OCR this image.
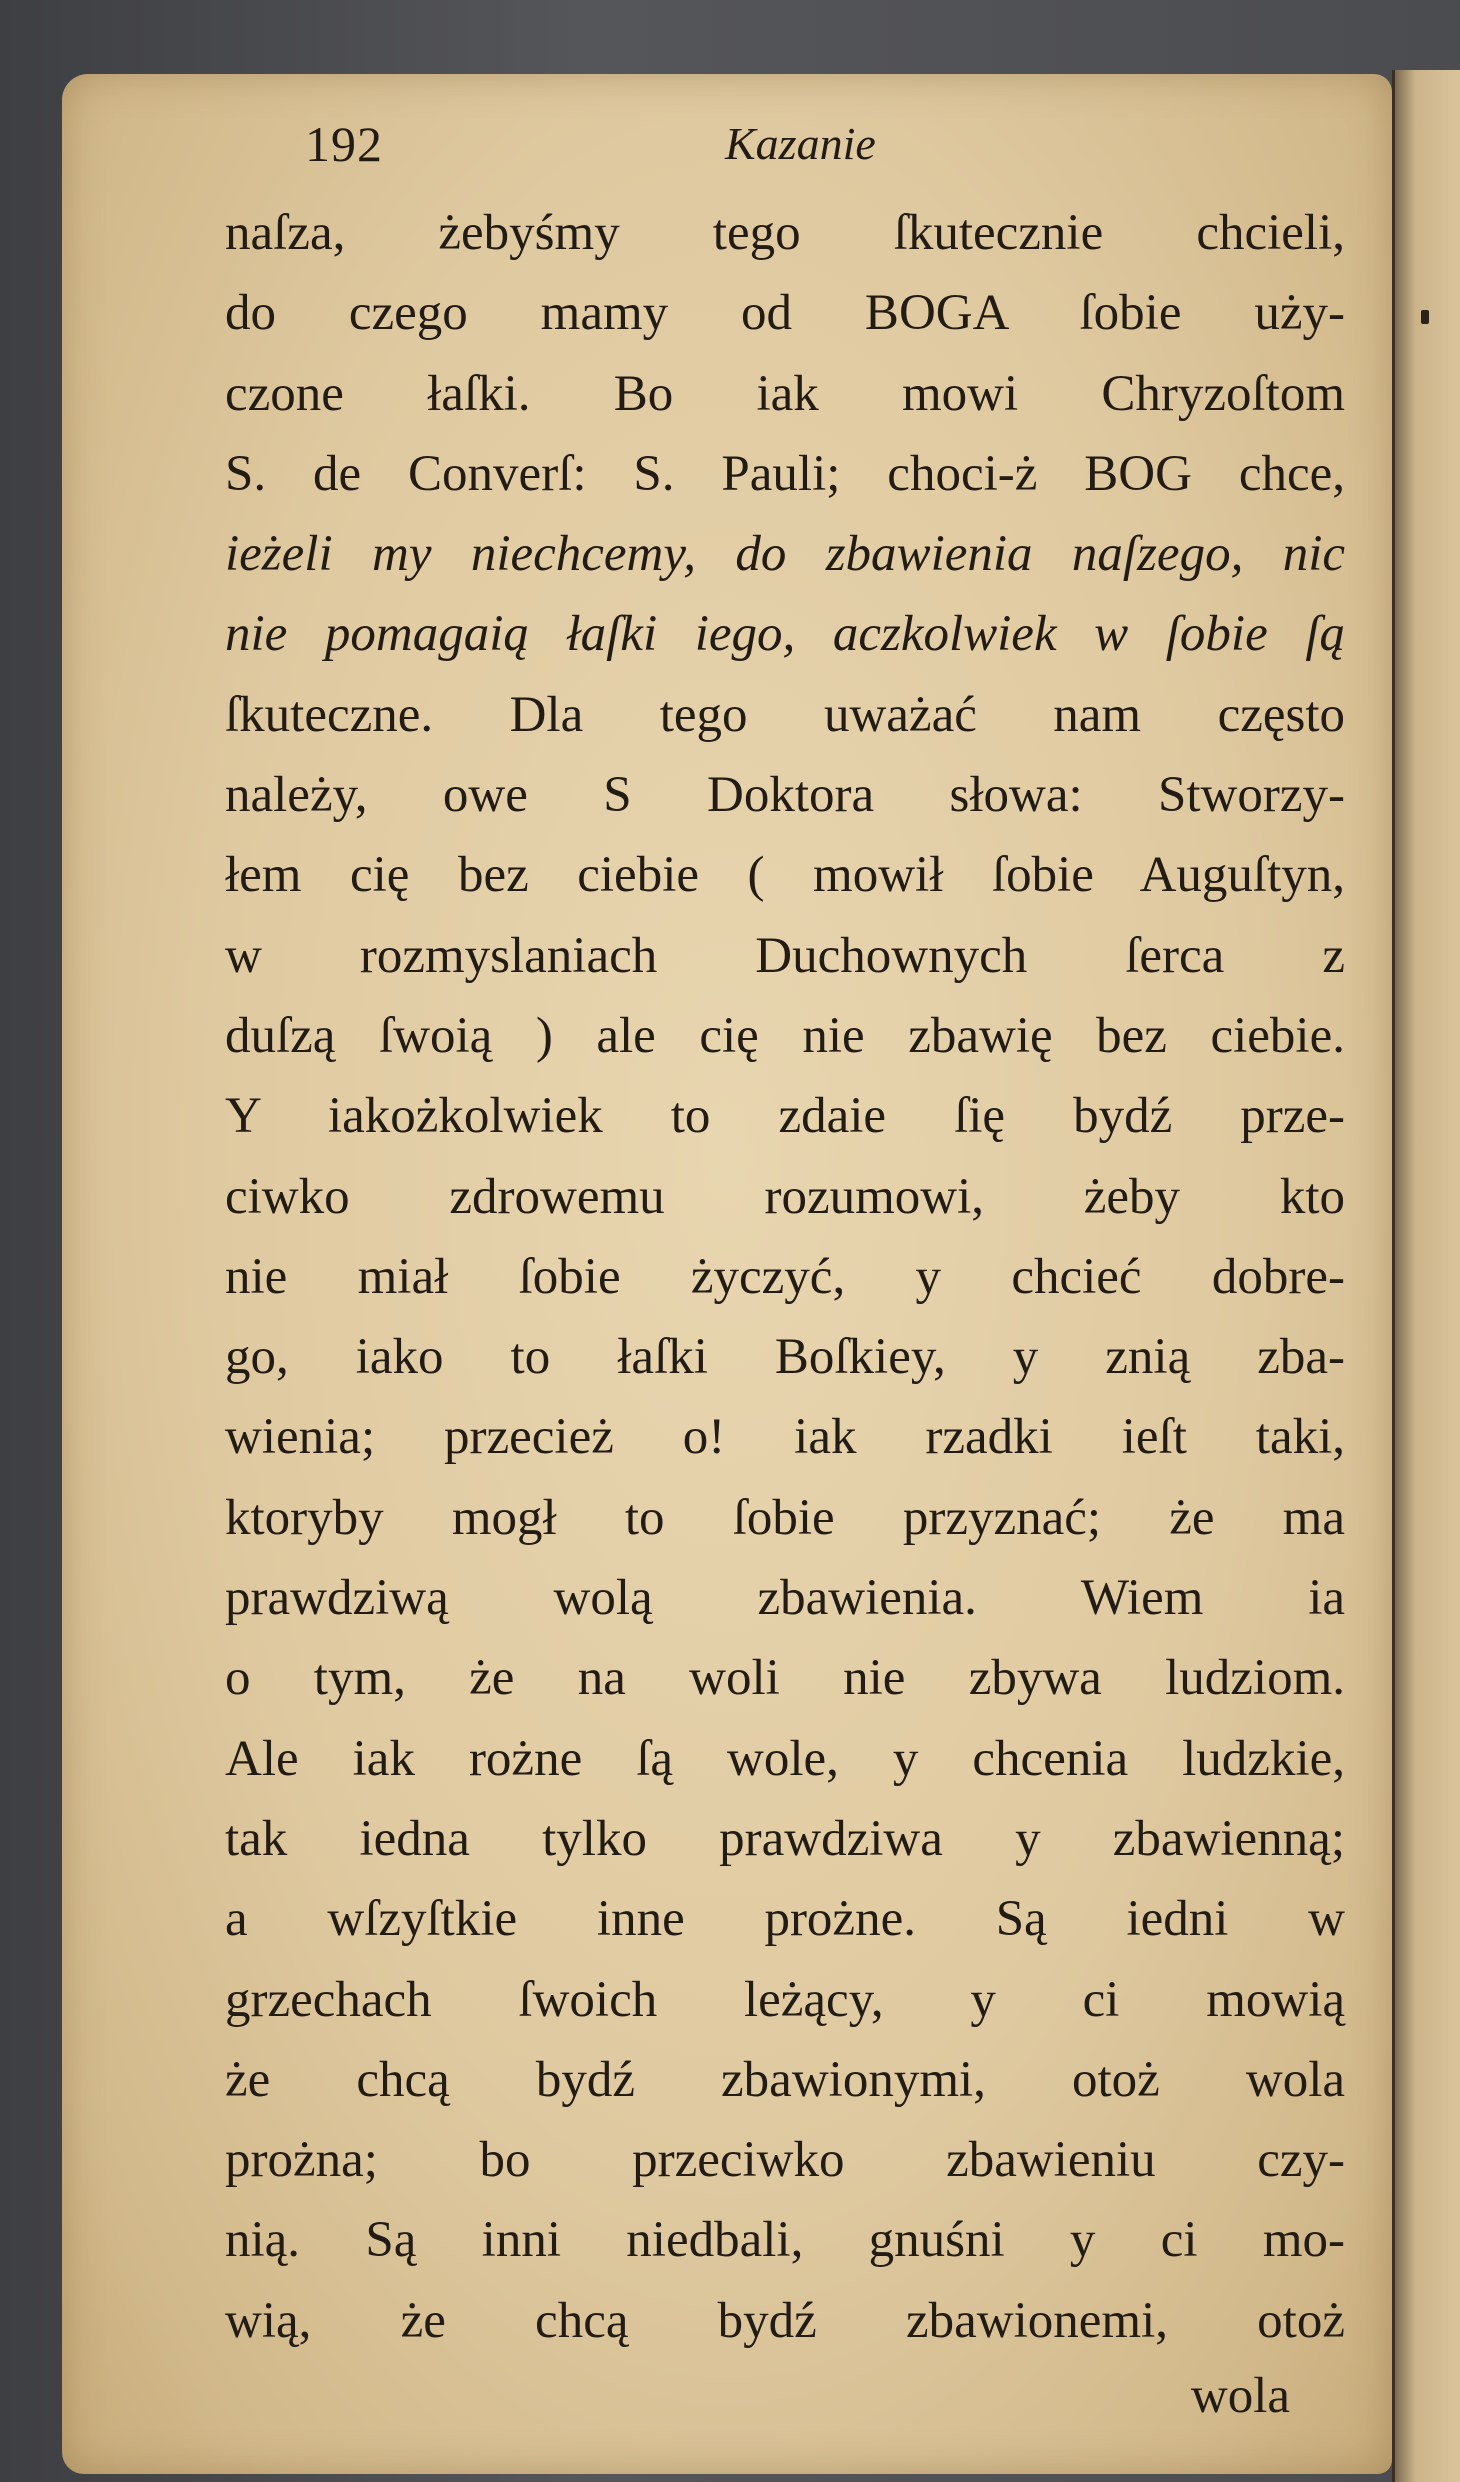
192	Kazanie
naſza, żebyśmy tego ſkutecznie chcieli,
do czego mamy od BOGA ſobie uży-
czone łaſki. Bo iak mowi Chryzoſtom
S. de Converſ: S. Pauli; choci-ż BOG chce,
ieżeli my niechcemy, do zbawienia naſzego, nic
nie pomagaią łaſki iego, aczkolwiek w ſobie ſą
ſkuteczne. Dla tego uważać nam często
należy, owe S Doktora słowa: Stworzy-
łem cię bez ciebie ( mowił ſobie Auguſtyn,
w rozmyslaniach Duchownych ſerca z
duſzą ſwoią ) ale cię nie zbawię bez ciebie.
Y iakożkolwiek to zdaie ſię bydź prze-
ciwko zdrowemu rozumowi, żeby kto
nie miał ſobie życzyć, y chcieć dobre-
go, iako to łaſki Boſkiey, y znią zba-
wienia; przecież o! iak rzadki ieſt taki,
ktoryby mogł to ſobie przyznać; że ma
prawdziwą wolą zbawienia. Wiem ia
o tym, że na woli nie zbywa ludziom.
Ale iak rożne ſą wole, y chcenia ludzkie,
tak iedna tylko prawdziwa y zbawienną;
a wſzyſtkie inne prożne. Są iedni w
grzechach ſwoich leżący, y ci mowią
że chcą bydź zbawionymi, otoż wola
prożna; bo przeciwko zbawieniu czy-
nią. Są inni niedbali, gnuśni y ci mo-
wią, że chcą bydź zbawionemi, otoż
wola
